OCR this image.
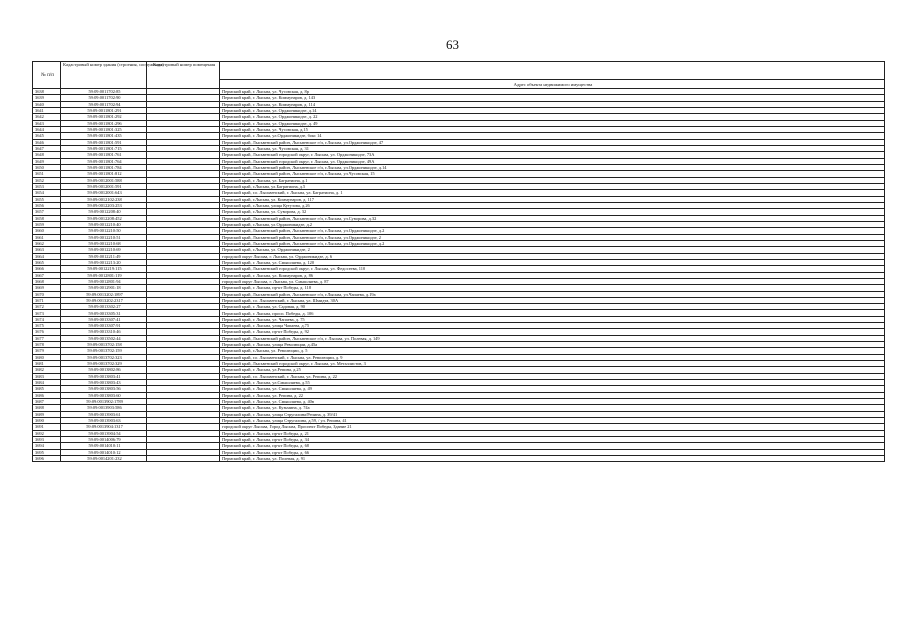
63
№ п/п	Кадастровый номер здания (строения, сооружения)	Кадастровый номер помещения	
			Адрес объекта недвижимого имущества
3638	59:09:0011702:85		Пермский край, г. Лысьва, ул. Чусовская, д. 8р
3639	59:09:0011702:90		Пермский край, г. Лысьва, ул. Коммунаров, д. 143
3640	59:09:0011702:94		Пермский край, г. Лысьва, ул. Коммунаров, д. 114
3641	59:09:0011801:291		Пермский край, г. Лысьва, ул. Орджоникидзе, д.14
3642	59:09:0011801:292		Пермский край, г. Лысьва, ул. Орджоникидзе, д. 22
3643	59:09:0011801:296		Пермский край, г. Лысьва, ул. Орджоникидзе, д. 49
3644	59:09:0011801:325		Пермский край, г. Лысьва, ул. Чусовская, д.15
3645	59:09:0011801:435		Пермский край, г. Лысьва, ул.Орджоникидзе, бокс 14
3646	59:09:0011801:591		Пермский край, Лысьвенский район, Лысьвенское г/п, г.Лысьва, ул.Орджоникидзе, 47
3647	59:09:0011801:715		Пермский край, г. Лысьва, ул. Чусовская, д. 31
3648	59:09:0011801:761		Пермский край, Лысьвенский городской округ, г. Лысьва, ул. Орджоникидзе, 73А
3649	59:09:0011801:764		Пермский край, Лысьвенский городской округ, г. Лысьва, ул. Орджоникидзе, 49А
3650	59:09:0011801:784		Пермский край, Лысьвенский район, Лысьвенское г/п, г.Лысьва, ул.Орджоникидзе, д.14
3651	59:09:0011801:812		Пермский край, Лысьвенский район, Лысьвенское г/п, г.Лысьва, ул.Чусовская, 15
3652	59:09:0012001:588		Пермский край, г. Лысьва, ул. Багратиона, д.1
3653	59:09:0012001:591		Пермский край, г.Лысьва, ул.Багратиона, д.5
3654	59:09:0012001:643		Пермский край, г.о. Лысьвенский, г. Лысьва, ул. Багратиона, д. 1
3655	59:09:0012102:238		Пермский край, г.Лысьва, ул. Коммунаров, д. 117
3656	59:09:0012203:253		Пермский край, г.Лысьва, улица Кутузова, д.26
3657	59:09:0012208:40		Пермский край, г.Лысьва, ул. Суворова, д. 32
3658	59:09:0012208:452		Пермский край, Лысьвенский район, Лысьвенское г/п, г.Лысьва, ул.Суворова, д.32
3659	59:09:0012210:40		Пермский край, г.Лысьва, ул.Орджоникидзе, д.2
3660	59:09:0012210:50		Пермский край, Лысьвенский район, Лысьвенское г/п, г.Лысьва, ул.Орджоникидзе, д.2
3661	59:09:0012210:51		Пермский край, Лысьвенский район, Лысьвенское г/п, г.Лысьва, ул.Орджоникидзе, 2
3662	59:09:0012210:68		Пермский край, Лысьвенский район, Лысьвенское г/п, г.Лысьва, ул.Орджоникидзе, д.2
3663	59:09:0012210:69		Пермский край, г.Лысьва, ул. Орджоникидзе, 2
3664	59:09:0012211:49		городской округ Лысьва, г. Лысьва, ул. Орджоникидзе, д. 6
3665	59:09:0012213:20		Пермский край, г. Лысьва, ул. Смышляева, д. 120
3666	59:09:0012219:115		Пермский край, Лысьвенский городской округ, г. Лысьва, ул. Федосеева, 110
3667	59:09:0012801:119		Пермский край, г. Лысьва, ул. Коммунаров, д. 86
3668	59:09:0012801:94		городской округ Лысьва, г. Лысьва, ул. Смышляева, д. 87
3669	59:09:0012901:18		Пермский край, г. Лысьва, пр-кт Победы, д. 118
3670	59:09:0013202:1897		Пермский край, Лысьвенский район, Лысьвенское г/п, г.Лысьва, ул.Чапаева, д.19а
3671	59:09:0013202:2317		Пермский край, г.о. Лысьвенский, г. Лысьва, ул. Шмидта, 30А
3672	59:09:0013302:27		Пермский край, г. Лысьва, ул. Садовая, д. 90
3673	59:09:0013305:31		Пермский край, г. Лысьва, просп. Победы, д. 106
3674	59:09:0013307:41		Пермский край, г. Лысьва, ул. Чапаева, д. 75
3675	59:09:0013307:91		Пермский край, г. Лысьва, улица Чапаева, д.75
3676	59:09:0013310:46		Пермский край, г. Лысьва, пр-кт Победы, д. 92
3677	59:09:0013502:44		Пермский край, Лысьвенский район, Лысьвенское г/п, г. Лысьва, ул. Полевая, д. 149
3678	59:09:0013702:158		Пермский край, г. Лысьва, улица Революции, д.45а
3679	59:09:0013702:159		Пермский край, г.Лысьва, ул. Революции, д. 5
3680	59:09:0013702:323		Пермский край, г.о. Лысьвенский, г. Лысьва, ул. Революции, д. 9
3681	59:09:0013702:329		Пермский край, Лысьвенский городской округ, г. Лысьва, ул. Металлистов, 3
3682	59:09:0013802:86		Пермский край, г. Лысьва, ул.Репина, д.25
3683	59:09:0013803:41		Пермский край, г.о. Лысьвенский, г. Лысьва, ул. Репина, д. 22
3684	59:09:0013803:43		Пермский край, г. Лысьва, ул.Смышляева, д.55
3685	59:09:0013803:56		Пермский край, г. Лысьва, ул. Смышляева, д. 49
3686	59:09:0013803:60		Пермский край, г. Лысьва, ул. Репина, д. 22
3687	59:09:0013902:1789		Пермский край, г. Лысьва, ул. Смышляева, д. 40в
3688	59:09:0013903:586		Пермский край, г. Лысьва, ул. Кузьмина, д. 74а
3689	59:09:0013903:61		Пермский край, г. Лысьва, улица Стругалина/Репина, д. 39/41
3690	59:09:0013903:63		Пермский край, г. Лысьва, улица Стругалина, д.59, / ул. Репина, 41
3691	59:09:0013904:1317		городской округ Лысьва, Город Лысьва, Проспект Победы, Здание 21
3692	59:09:0013904:54		Пермский край, г. Лысьва, пр-кт Победы, д. 21
3693	59:09:0014006:79		Пермский край, г. Лысьва, пр-кт Победы, д. 34
3694	59:09:0014010:11		Пермский край, г. Лысьва, пр-кт Победы, д. 68
3695	59:09:0014010:12		Пермский край, г. Лысьва, пр-кт Победы, д. 66
3696	59:09:0014201:232		Пермский край, г. Лысьва, ул. Полевая, д. 91
